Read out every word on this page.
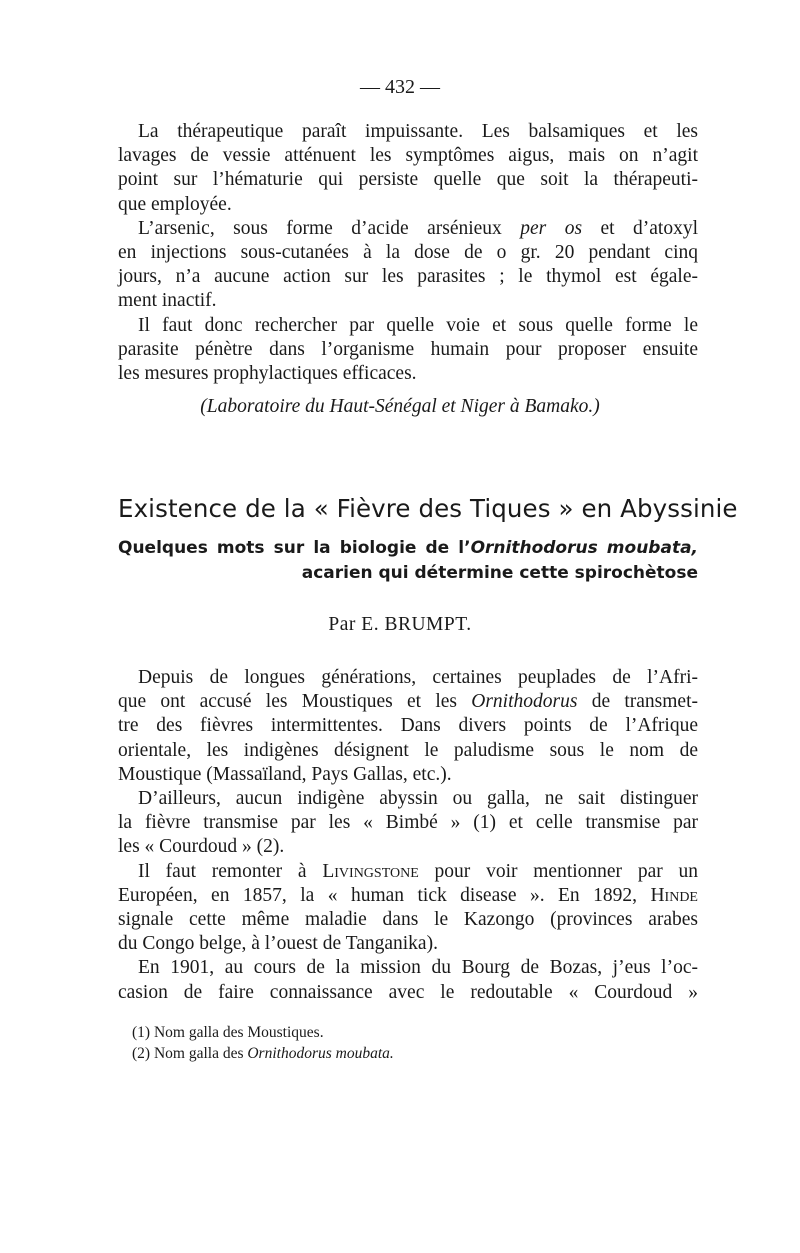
— 432 —
La thérapeutique paraît impuissante. Les balsamiques et les
lavages de vessie atténuent les symptômes aigus, mais on n’agit
point sur l’hématurie qui persiste quelle que soit la thérapeuti-
que employée.
L’arsenic, sous forme d’acide arsénieux per os et d’atoxyl
en injections sous-cutanées à la dose de o gr. 20 pendant cinq
jours, n’a aucune action sur les parasites ; le thymol est égale-
ment inactif.
Il faut donc rechercher par quelle voie et sous quelle forme le
parasite pénètre dans l’organisme humain pour proposer ensuite
les mesures prophylactiques efficaces.
(Laboratoire du Haut-Sénégal et Niger à Bamako.)
Existence de la « Fièvre des Tiques » en Abyssinie
Quelques mots sur la biologie de l’Ornithodorus moubata,
acarien qui détermine cette spirochètose
Par E. BRUMPT.
Depuis de longues générations, certaines peuplades de l’Afri-
que ont accusé les Moustiques et les Ornithodorus de transmet-
tre des fièvres intermittentes. Dans divers points de l’Afrique
orientale, les indigènes désignent le paludisme sous le nom de
Moustique (Massaïland, Pays Gallas, etc.).
D’ailleurs, aucun indigène abyssin ou galla, ne sait distinguer
la fièvre transmise par les « Bimbé » (1) et celle transmise par
les « Courdoud » (2).
Il faut remonter à Livingstone pour voir mentionner par un
Européen, en 1857, la « human tick disease ». En 1892, Hinde
signale cette même maladie dans le Kazongo (provinces arabes
du Congo belge, à l’ouest de Tanganika).
En 1901, au cours de la mission du Bourg de Bozas, j’eus l’oc-
casion de faire connaissance avec le redoutable « Courdoud »
(1) Nom galla des Moustiques.
(2) Nom galla des Ornithodorus moubata.
